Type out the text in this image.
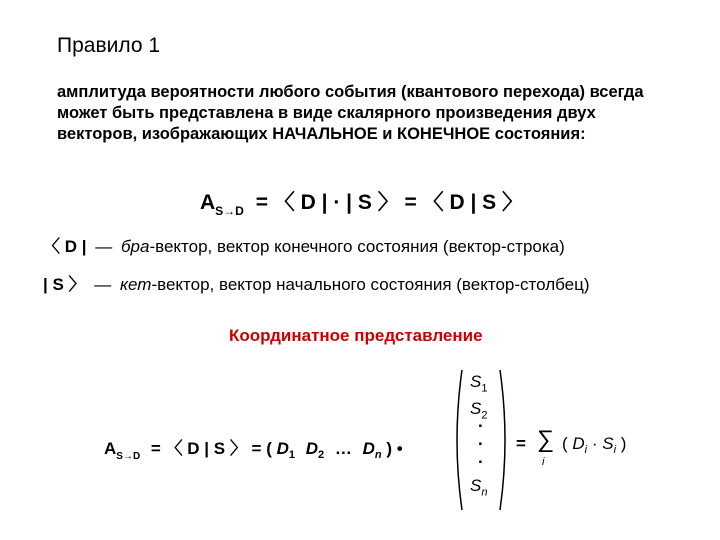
Правило 1
амплитуда вероятности любого события (квантового перехода) всегда может быть представлена в виде скалярного произведения двух векторов, изображающих НАЧАЛЬНОЕ и КОНЕЧНОЕ состояния:
$A_{S\to D}$ = 〈 D | · | S 〉 = 〈 D | S 〉
〈 D | — бра-вектор, вектор конечного состояния (вектор-строка)
| S 〉 — кет-вектор, вектор начального состояния (вектор-столбец)
Координатное представление
$A_{S\to D}$ = 〈 D | S 〉 = ( $D_1$ $D_2$ … $D_n$ ) •
$S_1$
$S_2$
.
.
.
$S_n$
= ∑
i
( $D_i \cdot S_i$ )
